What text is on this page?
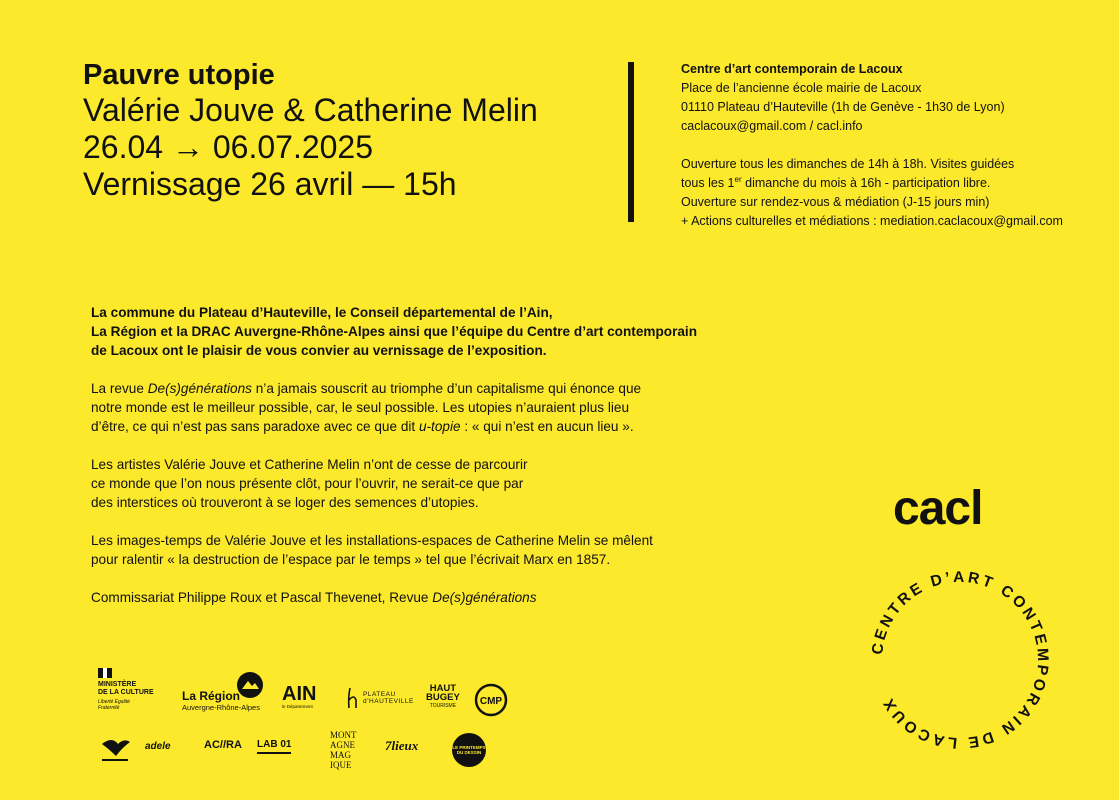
Pauvre utopie

Valérie Jouve & Catherine Melin

26.04 → 06.07.2025

Vernissage 26 avril — 15h

Centre d’art contemporain de Lacoux

Place de l’ancienne école mairie de Lacoux

01110 Plateau d’Hauteville (1h de Genève - 1h30 de Lyon)

caclacoux@gmail.com / cacl.info

Ouverture tous les dimanches de 14h à 18h. Visites guidées

tous les 1er dimanche du mois à 16h - participation libre.

Ouverture sur rendez-vous & médiation (J-15 jours min)

+ Actions culturelles et médiations : mediation.caclacoux@gmail.com

La commune du Plateau d’Hauteville, le Conseil départemental de l’Ain,
La Région et la DRAC Auvergne-Rhône-Alpes ainsi que l’équipe du Centre d’art contemporain
de Lacoux ont le plaisir de vous convier au vernissage de l’exposition.

La revue De(s)générations n’a jamais souscrit au triomphe d’un capitalisme qui énonce que
notre monde est le meilleur possible, car, le seul possible. Les utopies n’auraient plus lieu
d’être, ce qui n’est pas sans paradoxe avec ce que dit u-topie : « qui n’est en aucun lieu ».

Les artistes Valérie Jouve et Catherine Melin n’ont de cesse de parcourir
ce monde que l’on nous présente clôt, pour l’ouvrir, ne serait-ce que par
des interstices où trouveront à se loger des semences d’utopies.

Les images-temps de Valérie Jouve et les installations-espaces de Catherine Melin se mêlent
pour ralentir « la destruction de l’espace par le temps » tel que l’écrivait Marx en 1857.

Commissariat Philippe Roux et Pascal Thevenet, Revue De(s)générations

cacl
CENTRE D’ART CONTEMPORAIN DE LACOUX
MINISTÈRE
DE LA CULTURE
Liberté Égalité Fraternité
La Région
Auvergne-Rhône-Alpes
AIN
le Département
PLATEAU
d’HAUTEVILLE
HAUT
BUGEY
TOURISME	CMP
adele	AC//RA LAB 01
MONT
AGNE
MAG
IQUE
7lieux	LE PRINTEMPS DU DESSIN
